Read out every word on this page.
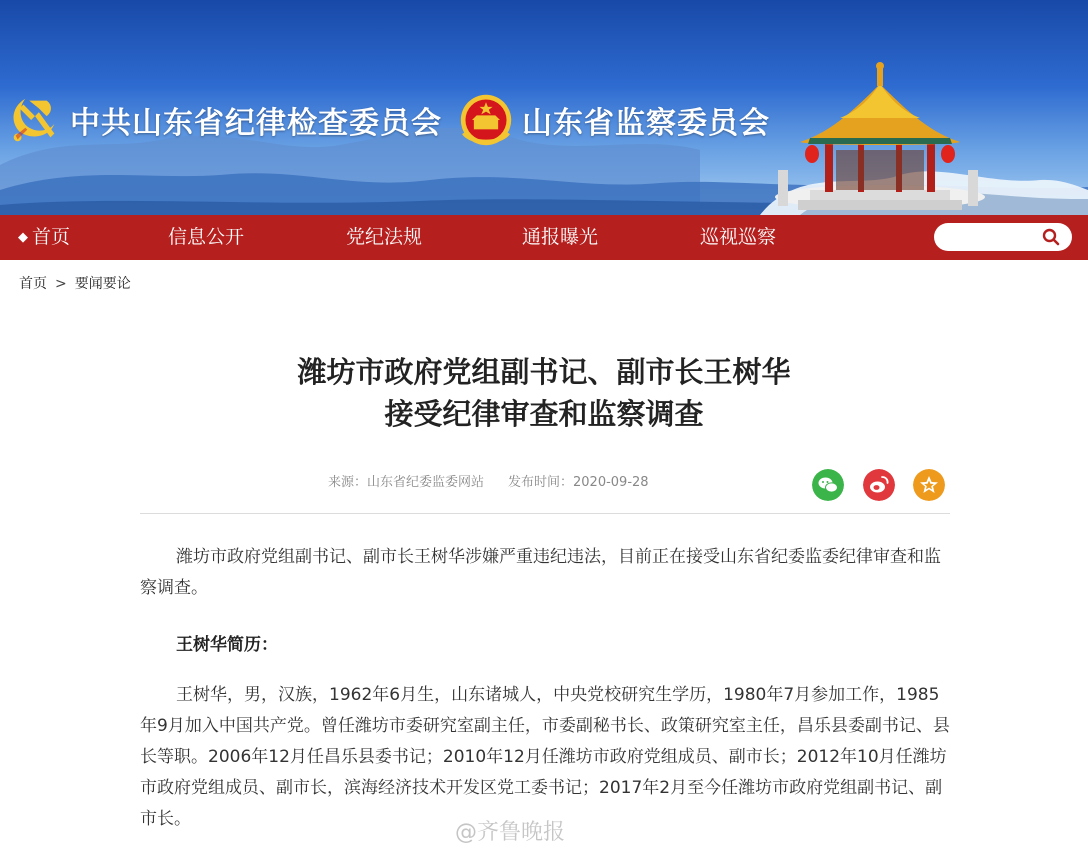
中共山东省纪律检查委员会	山东省监察委员会
◆ 首页	信息公开	党纪法规	通报曝光	巡视巡察
首页 > 要闻要论
潍坊市政府党组副书记、副市长王树华
接受纪律审查和监察调查
来源：山东省纪委监委网站 发布时间：2020-09-28
潍坊市政府党组副书记、副市长王树华涉嫌严重违纪违法，目前正在接受山东省纪委监委纪律审查和监察调查。
王树华简历：
王树华，男，汉族，1962年6月生，山东诸城人，中央党校研究生学历，1980年7月参加工作，1985年9月加入中国共产党。曾任潍坊市委研究室副主任，市委副秘书长、政策研究室主任，昌乐县委副书记、县长等职。2006年12月任昌乐县委书记；2010年12月任潍坊市政府党组成员、副市长；2012年10月任潍坊市政府党组成员、副市长，滨海经济技术开发区党工委书记；2017年2月至今任潍坊市政府党组副书记、副市长。
@齐鲁晚报
